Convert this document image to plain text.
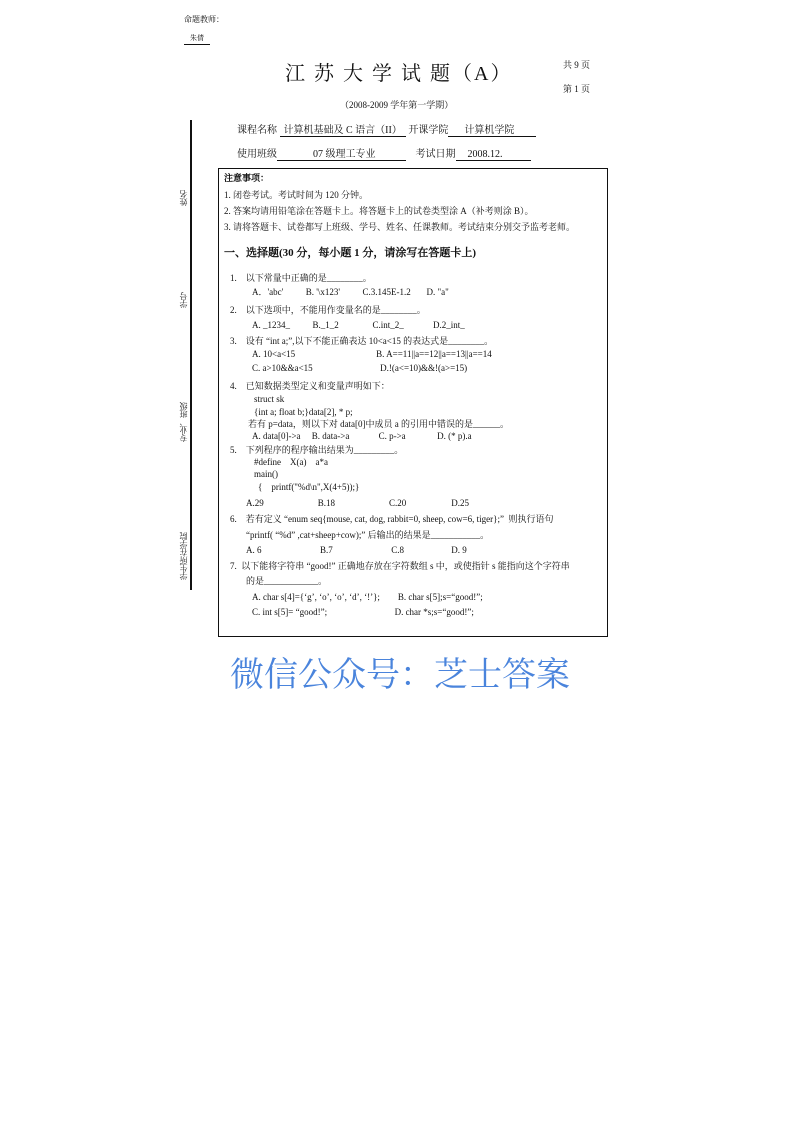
命题教师：
朱倩
江 苏 大 学 试 题（A）	共 9 页
第 1 页
（2008-2009 学年第一学期）
课程名称 计算机基础及 C 语言（II） 开课学院 计算机学院
使用班级	07 级理工专业	考试日期 2008.12.
姓名
学号
专业、班级
学生所在学院
注意事项：
1. 闭卷考试。考试时间为 120 分钟。
2. 答案均请用铅笔涂在答题卡上。将答题卡上的试卷类型涂 A（补考则涂 B）。
3. 请将答题卡、试卷都写上班级、学号、姓名、任课教师。考试结束分别交予监考老师。
一、选择题(30 分，每小题 1 分，请涂写在答题卡上)
1.    以下常量中正确的是________。
A．'abc'          B. '\x123'          C.3.145E-1.2       D. "a"
2.    以下选项中，不能用作变量名的是________。
A. _1234_          B._1_2               C.int_2_             D.2_int_
3.    设有 “int a;”,以下不能正确表达 10<a<15 的表达式是________。
A. 10<a<15                                    B. A==11||a==12||a==13||a==14
C. a>10&&a<15                              D.!(a<=10)&&!(a>=15)
4.    已知数据类型定义和变量声明如下：
struct sk
{int a; float b;}data[2], * p;
若有 p=data，则以下对 data[0]中成员 a 的引用中错误的是______。
A. data[0]->a     B. data->a             C. p->a              D. (* p).a
5.    下列程序的程序输出结果为_________。
#define    X(a)    a*a
main()
{    printf("%d\n",X(4+5));}
A.29                        B.18                        C.20                    D.25
6.    若有定义 “enum seq{mouse, cat, dog, rabbit=0, sheep, cow=6, tiger};”  则执行语句
“printf( “%d” ,cat+sheep+cow);” 后输出的结果是___________。
A. 6                          B.7                          C.8                     D. 9
7.  以下能将字符串 “good!” 正确地存放在字符数组 s 中，或使指针 s 能指向这个字符串
的是____________。
A. char s[4]={‘g’, ‘o’, ‘o’, ‘d’, ‘!’};        B. char s[5];s=“good!”;
C. int s[5]= “good!”;                              D. char *s;s=“good!”;
微信公众号：芝士答案
